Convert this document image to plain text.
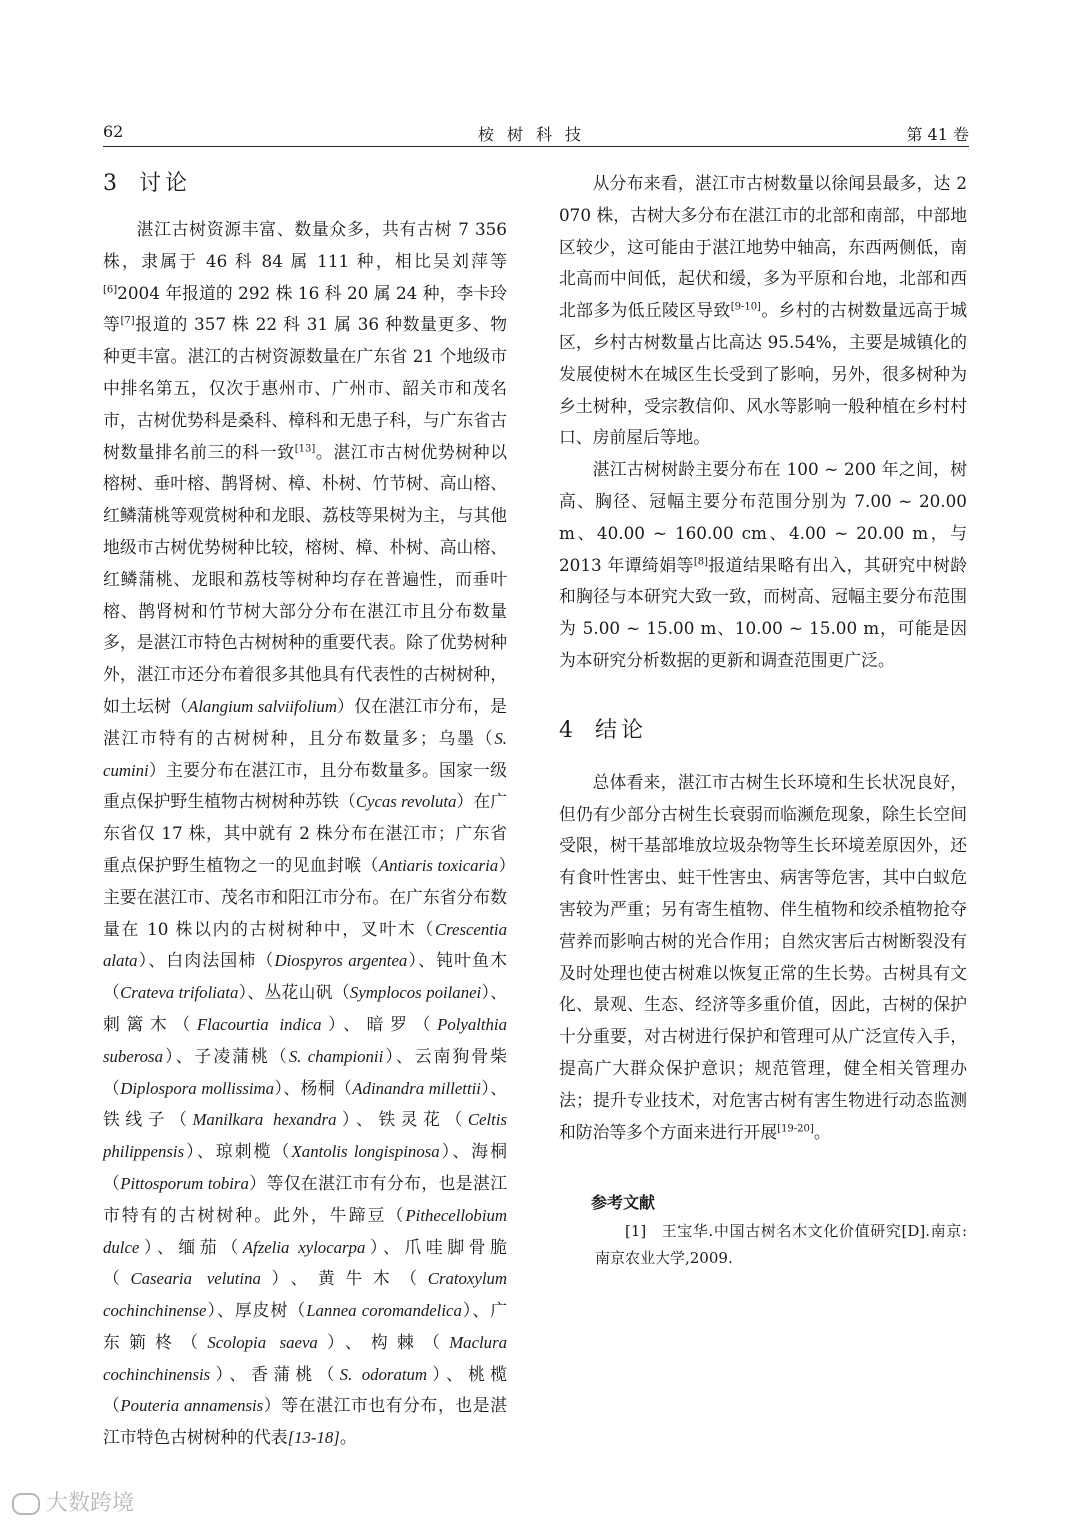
62	桉树科技	第 41 卷
3 讨论

湛江古树资源丰富、数量众多，共有古树 7 356 株，隶属于 46 科 84 属 111 种，相比吴刘萍等[6]2004 年报道的 292 株 16 科 20 属 24 种，李卡玲等[7]报道的 357 株 22 科 31 属 36 种数量更多、物种更丰富。湛江的古树资源数量在广东省 21 个地级市中排名第五，仅次于惠州市、广州市、韶关市和茂名市，古树优势科是桑科、樟科和无患子科，与广东省古树数量排名前三的科一致[13]。湛江市古树优势树种以榕树、垂叶榕、鹊肾树、樟、朴树、竹节树、高山榕、红鳞蒲桃等观赏树种和龙眼、荔枝等果树为主，与其他地级市古树优势树种比较，榕树、樟、朴树、高山榕、红鳞蒲桃、龙眼和荔枝等树种均存在普遍性，而垂叶榕、鹊肾树和竹节树大部分分布在湛江市且分布数量多，是湛江市特色古树树种的重要代表。除了优势树种外，湛江市还分布着很多其他具有代表性的古树树种，如土坛树（Alangium salviifolium）仅在湛江市分布，是湛江市特有的古树树种，且分布数量多；乌墨（S. cumini）主要分布在湛江市，且分布数量多。国家一级重点保护野生植物古树树种苏铁（Cycas revoluta）在广东省仅 17 株，其中就有 2 株分布在湛江市；广东省重点保护野生植物之一的见血封喉（Antiaris toxicaria）主要在湛江市、茂名市和阳江市分布。在广东省分布数量在 10 株以内的古树树种中，叉叶木（Crescentia alata）、白肉法国柿（Diospyros argentea）、钝叶鱼木（Crateva trifoliata）、丛花山矾（Symplocos poilanei）、刺篱木（Flacourtia indica）、暗罗（Polyalthia suberosa）、子凌蒲桃（S. championii）、云南狗骨柴（Diplospora mollissima）、杨桐（Adinandra millettii）、铁线子（Manilkara hexandra）、铁灵花（Celtis philippensis）、琼刺榄（Xantolis longispinosa）、海桐（Pittosporum tobira）等仅在湛江市有分布，也是湛江市特有的古树树种。此外，牛蹄豆（Pithecellobium dulce）、缅茄（Afzelia xylocarpa）、爪哇脚骨脆（Casearia velutina）、黄牛木（Cratoxylum cochinchinense）、厚皮树（Lannea coromandelica）、广东箣柊（Scolopia saeva）、构棘（Maclura cochinchinensis）、香蒲桃（S. odoratum）、桃榄（Pouteria annamensis）等在湛江市也有分布，也是湛江市特色古树树种的代表[13-18]。

从分布来看，湛江市古树数量以徐闻县最多，达 2 070 株，古树大多分布在湛江市的北部和南部，中部地区较少，这可能由于湛江地势中轴高，东西两侧低，南北高而中间低，起伏和缓，多为平原和台地，北部和西北部多为低丘陵区导致[9-10]。乡村的古树数量远高于城区，乡村古树数量占比高达 95.54%，主要是城镇化的发展使树木在城区生长受到了影响，另外，很多树种为乡土树种，受宗教信仰、风水等影响一般种植在乡村村口、房前屋后等地。

湛江古树树龄主要分布在 100 ~ 200 年之间，树高、胸径、冠幅主要分布范围分别为 7.00 ~ 20.00 m、40.00 ~ 160.00 cm、4.00 ~ 20.00 m，与 2013 年谭绮娟等[8]报道结果略有出入，其研究中树龄和胸径与本研究大致一致，而树高、冠幅主要分布范围为 5.00 ~ 15.00 m、10.00 ~ 15.00 m，可能是因为本研究分析数据的更新和调查范围更广泛。

4 结论

总体看来，湛江市古树生长环境和生长状况良好，但仍有少部分古树生长衰弱而临濒危现象，除生长空间受限，树干基部堆放垃圾杂物等生长环境差原因外，还有食叶性害虫、蛀干性害虫、病害等危害，其中白蚁危害较为严重；另有寄生植物、伴生植物和绞杀植物抢夺营养而影响古树的光合作用；自然灾害后古树断裂没有及时处理也使古树难以恢复正常的生长势。古树具有文化、景观、生态、经济等多重价值，因此，古树的保护十分重要，对古树进行保护和管理可从广泛宣传入手，提高广大群众保护意识；规范管理，健全相关管理办法；提升专业技术，对危害古树有害生物进行动态监测和防治等多个方面来进行开展[19-20]。

参考文献

[1] 王宝华.中国古树名木文化价值研究[D].南京:南京农业大学,2009.

大数跨境
